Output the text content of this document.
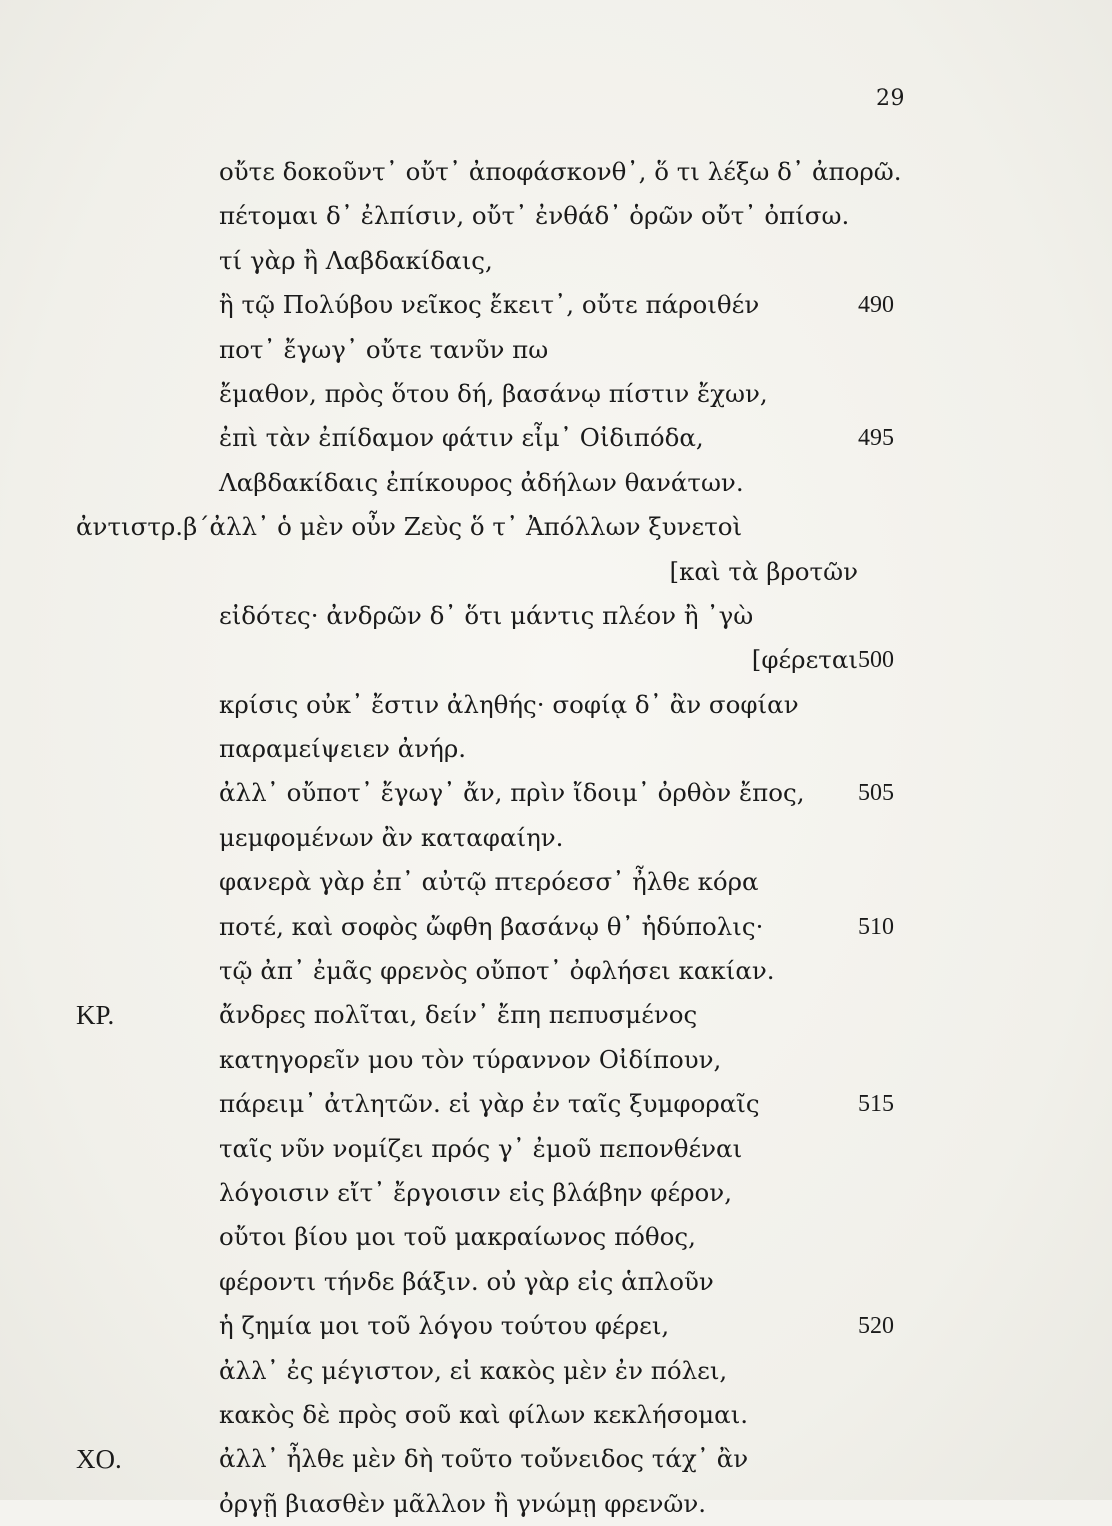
29
οὔτε δοκοῦντ᾽ οὔτ᾽ ἀποφάσκονθ᾽, ὅ τι λέξω δ᾽ ἀπορῶ.
πέτομαι δ᾽ ἐλπίσιν, οὔτ᾽ ἐνθάδ᾽ ὁρῶν οὔτ᾽ ὀπίσω.
τί γὰρ ἢ Λαβδακίδαις,
ἢ τῷ Πολύβου νεῖκος ἔκειτ᾽, οὔτε πάροιθέν	490
ποτ᾽ ἔγωγ᾽ οὔτε τανῦν πω
ἔμαθον, πρὸς ὅτου δή, βασάνῳ πίστιν ἔχων,
ἐπὶ τὰν ἐπίδαμον φάτιν εἶμ᾽ Οἰδιπόδα,	495
Λαβδακίδαις ἐπίκουρος ἀδήλων θανάτων.
ἀντιστρ.β´ἀλλ᾽ ὁ μὲν οὖν Ζεὺς ὅ τ᾽ Ἀπόλλων ξυνετοὶ
[καὶ τὰ βροτῶν
εἰδότες· ἀνδρῶν δ᾽ ὅτι μάντις πλέον ἢ ᾽γὼ
[φέρεται 500
κρίσις οὐκ᾽ ἔστιν ἀληθής· σοφίᾳ δ᾽ ἂν σοφίαν
παραμείψειεν ἀνήρ.
ἀλλ᾽ οὔποτ᾽ ἔγωγ᾽ ἄν, πρὶν ἴδοιμ᾽ ὀρθὸν ἔπος, 505
μεμφομένων ἂν καταφαίην.
φανερὰ γὰρ ἐπ᾽ αὐτῷ πτερόεσσ᾽ ἦλθε κόρα
ποτέ, καὶ σοφὸς ὤφθη βασάνῳ θ᾽ ἡδύπολις·	510
τῷ ἀπ᾽ ἐμᾶς φρενὸς οὔποτ᾽ ὀφλήσει κακίαν.
ΚΡ.	ἄνδρες πολῖται, δείν᾽ ἔπη πεπυσμένος
κατηγορεῖν μου τὸν τύραννον Οἰδίπουν,
πάρειμ᾽ ἀτλητῶν. εἰ γὰρ ἐν ταῖς ξυμφοραῖς	515
ταῖς νῦν νομίζει πρός γ᾽ ἐμοῦ πεπονθέναι
λόγοισιν εἴτ᾽ ἔργοισιν εἰς βλάβην φέρον,
οὔτοι βίου μοι τοῦ μακραίωνος πόθος,
φέροντι τήνδε βάξιν. οὐ γὰρ εἰς ἁπλοῦν
ἡ ζημία μοι τοῦ λόγου τούτου φέρει,	520
ἀλλ᾽ ἐς μέγιστον, εἰ κακὸς μὲν ἐν πόλει,
κακὸς δὲ πρὸς σοῦ καὶ φίλων κεκλήσομαι.
ΧΟ.	ἀλλ᾽ ἦλθε μὲν δὴ τοῦτο τοὔνειδος τάχ᾽ ἂν
ὀργῇ βιασθὲν μᾶλλον ἢ γνώμῃ φρενῶν.
